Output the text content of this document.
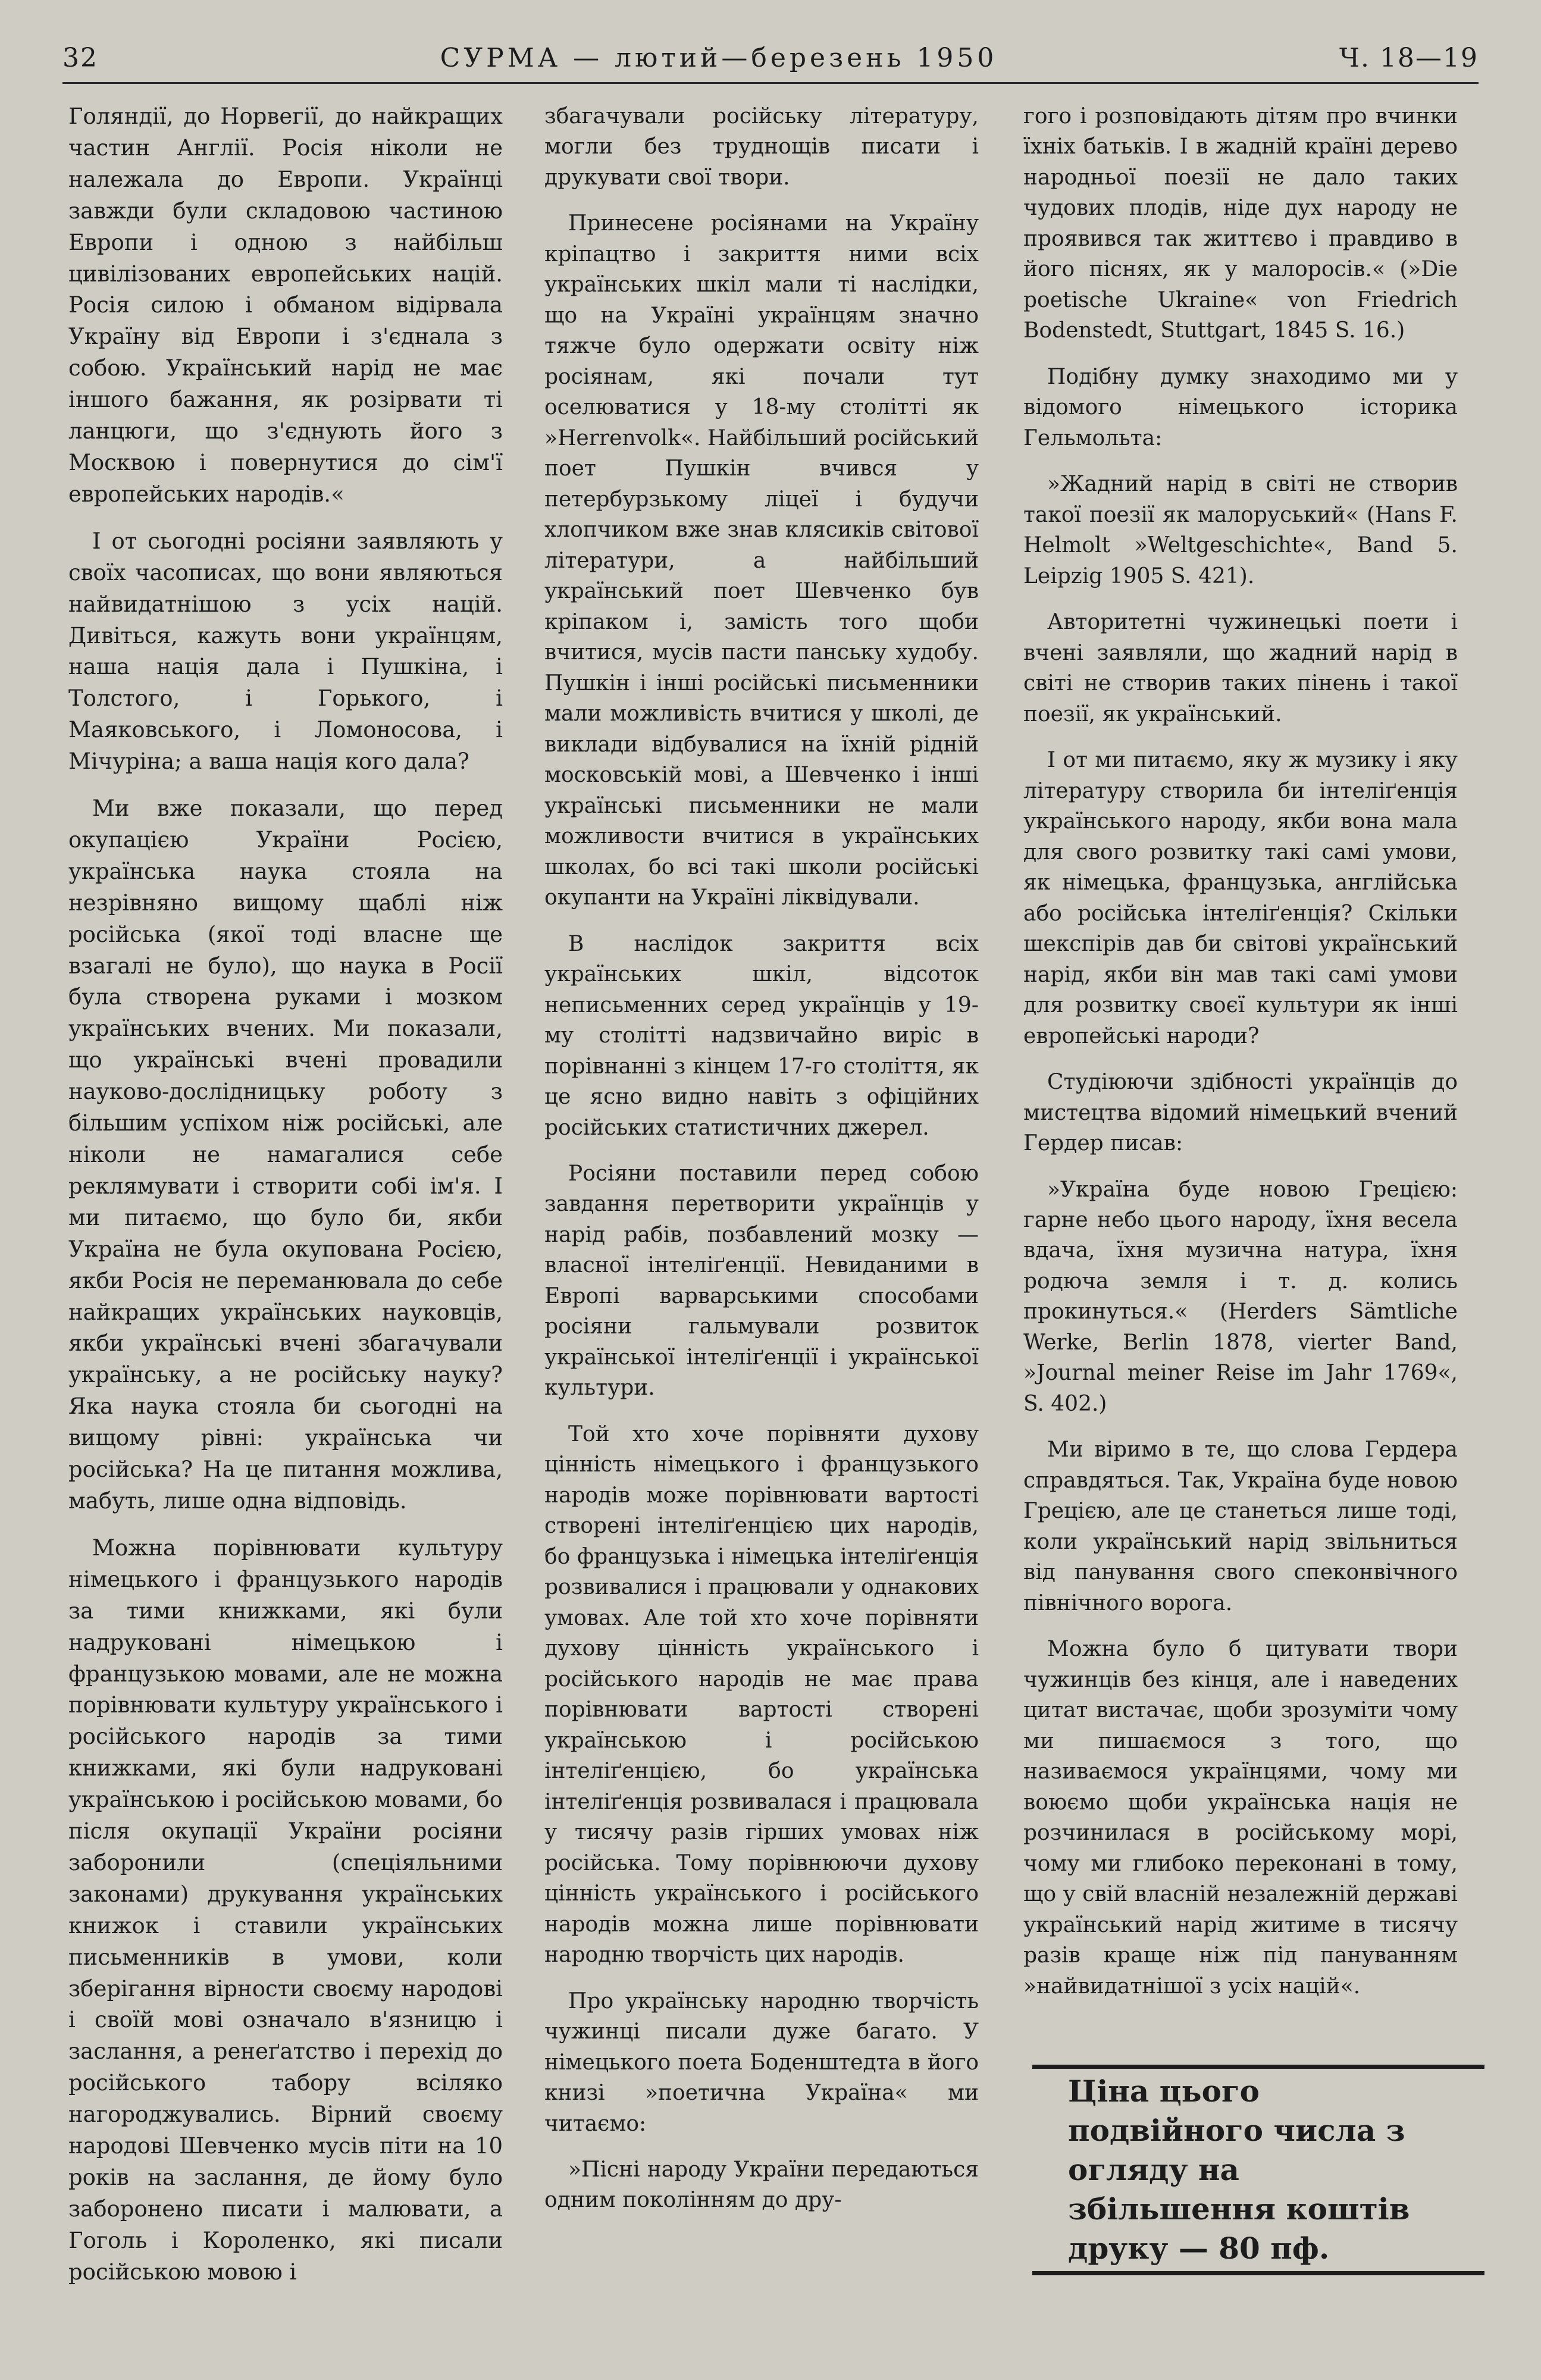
32	СУРМА — лютий—березень 1950	Ч. 18—19

Голяндії, до Норвегії, до найкращих частин Англії. Росія ніколи не належала до Европи. Українці завжди були складовою частиною Европи і одною з найбільш цивілізованих европейських націй. Росія силою і обманом відірвала Україну від Европи і з'єднала з собою. Український нарід не має іншого бажання, як розірвати ті ланцюги, що з'єднують його з Москвою і повернутися до сім'ї европейських народів.«

І от сьогодні росіяни заявляють у своїх часописах, що вони являються найвидатнішою з усіх націй. Дивіться, кажуть вони українцям, наша нація дала і Пушкіна, і Толстого, і Горького, і Маяковського, і Ломоносова, і Мічуріна; а ваша нація кого дала?

Ми вже показали, що перед окупацією України Росією, українська наука стояла на незрівняно вищому щаблі ніж російська (якої тоді власне ще взагалі не було), що наука в Росії була створена руками і мозком українських вчених. Ми показали, що українські вчені провадили науково-дослідницьку роботу з більшим успіхом ніж російські, але ніколи не намагалися себе реклямувати і створити собі ім'я. І ми питаємо, що було би, якби Україна не була окупована Росією, якби Росія не переманювала до себе найкращих українських науковців, якби українські вчені збагачували українську, а не російську науку? Яка наука стояла би сьогодні на вищому рівні: українська чи російська? На це питання можлива, мабуть, лише одна відповідь.

Можна порівнювати культуру німецького і французького народів за тими книжками, які були надруковані німецькою і французькою мовами, але не можна порівнювати культуру українського і російського народів за тими книжками, які були надруковані українською і російською мовами, бо після окупації України росіяни заборонили (спеціяльними законами) друкування українських книжок і ставили українських письменників в умови, коли зберігання вірности своєму народові і своїй мові означало в'язницю і заслання, а ренеґатство і перехід до російського табору всіляко нагороджувались. Вірний своєму народові Шевченко мусів піти на 10 років на заслання, де йому було заборонено писати і малювати, а Гоголь і Короленко, які писали російською мовою і

збагачували російську літературу, могли без труднощів писати і друкувати свої твори.

Принесене росіянами на Україну кріпацтво і закриття ними всіх українських шкіл мали ті наслідки, що на Україні українцям значно тяжче було одержати освіту ніж росіянам, які почали тут оселюватися у 18-му столітті як »Herrenvolk«. Найбільший російський поет Пушкін вчився у петербурзькому ліцеї і будучи хлопчиком вже знав клясиків світової літератури, а найбільший український поет Шевченко був кріпаком і, замість того щоби вчитися, мусів пасти панську худобу. Пушкін і інші російські письменники мали можливість вчитися у школі, де виклади відбувалися на їхній рідній московській мові, а Шевченко і інші українські письменники не мали можливости вчитися в українських школах, бо всі такі школи російські окупанти на Україні ліквідували.

В наслідок закриття всіх українських шкіл, відсоток неписьменних серед українців у 19-му столітті надзвичайно виріс в порівнанні з кінцем 17-го століття, як це ясно видно навіть з офіційних російських статистичних джерел.

Росіяни поставили перед собою завдання перетворити українців у нарід рабів, позбавлений мозку — власної інтеліґенції. Невиданими в Европі варварськими способами росіяни гальмували розвиток української інтеліґенції і української культури.

Той хто хоче порівняти духову цінність німецького і французького народів може порівнювати вартості створені інтеліґенцією цих народів, бо французька і німецька інтеліґенція розвивалися і працювали у однакових умовах. Але той хто хоче порівняти духову цінність українського і російського народів не має права порівнювати вартості створені українською і російською інтеліґенцією, бо українська інтеліґенція розвивалася і працювала у тисячу разів гірших умовах ніж російська. Тому порівнюючи духову цінність українського і російського народів можна лише порівнювати народню творчість цих народів.

Про українську народню творчість чужинці писали дуже багато. У німецького поета Боденштедта в його книзі »поетична Україна« ми читаємо:

»Пісні народу України передаються одним поколінням до дру-

гого і розповідають дітям про вчинки їхніх батьків. І в жадній країні дерево народньої поезії не дало таких чудових плодів, ніде дух народу не проявився так життєво і правдиво в його піснях, як у малоросів.« (»Die poetische Ukraine« von Friedrich Bodenstedt, Stuttgart, 1845 S. 16.)

Подібну думку знаходимо ми у відомого німецького історика Гельмольта:

»Жадний нарід в світі не створив такої поезії як малоруський« (Hans F. Helmolt »Weltgeschichte«, Band 5. Leipzig 1905 S. 421).

Авторитетні чужинецькі поети і вчені заявляли, що жадний нарід в світі не створив таких пінень і такої поезії, як український.

І от ми питаємо, яку ж музику і яку літературу створила би інтеліґенція українського народу, якби вона мала для свого розвитку такі самі умови, як німецька, французька, англійська або російська інтеліґенція? Скільки шекспірів дав би світові український нарід, якби він мав такі самі умови для розвитку своєї культури як інші европейські народи?

Студіюючи здібності українців до мистецтва відомий німецький вчений Гердер писав:

»Україна буде новою Грецією: гарне небо цього народу, їхня весела вдача, їхня музична натура, їхня родюча земля і т. д. колись прокинуться.« (Herders Sämtliche Werke, Berlin 1878, vierter Band, »Journal meiner Reise im Jahr 1769«, S. 402.)

Ми віримо в те, що слова Гердера справдяться. Так, Україна буде новою Грецією, але це станеться лише тоді, коли український нарід звільниться від панування свого спеконвічного північного ворога.

Можна було б цитувати твори чужинців без кінця, але і наведених цитат вистачає, щоби зрозуміти чому ми пишаємося з того, що називаємося українцями, чому ми воюємо щоби українська нація не розчинилася в російському морі, чому ми глибоко переконані в тому, що у свій власній незалежній державі український нарід житиме в тисячу разів краще ніж під пануванням »найвидатнішої з усіх націй«.

Ціна цього подвійного числа з огляду на збільшення коштів друку — 80 пф.
